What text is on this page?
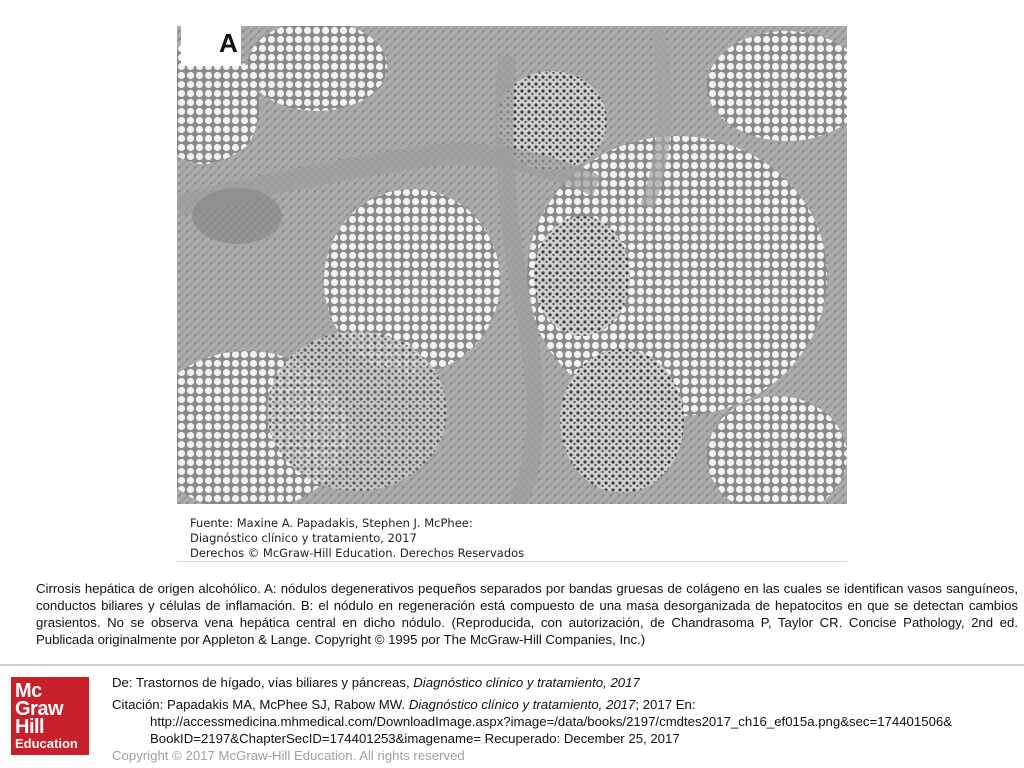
A
Fuente: Maxine A. Papadakis, Stephen J. McPhee:
Diagnóstico clínico y tratamiento, 2017
Derechos © McGraw-Hill Education. Derechos Reservados
Cirrosis hepática de origen alcohólico. A: nódulos degenerativos pequeños separados por bandas gruesas de colágeno en las cuales se identifican vasos sanguíneos, conductos biliares y células de inflamación. B: el nódulo en regeneración está compuesto de una masa desorganizada de hepatocitos en que se detectan cambios grasientos. No se observa vena hepática central en dicho nódulo. (Reproducida, con autorización, de Chandrasoma P, Taylor CR. Concise Pathology, 2nd ed. Publicada originalmente por Appleton & Lange. Copyright © 1995 por The McGraw-Hill Companies, Inc.)
Mc
Graw
Hill
Education
De: Trastornos de hígado, vías biliares y páncreas, Diagnóstico clínico y tratamiento, 2017
Citación: Papadakis MA, McPhee SJ, Rabow MW. Diagnóstico clínico y tratamiento, 2017; 2017 En:
http://accessmedicina.mhmedical.com/DownloadImage.aspx?image=/data/books/2197/cmdtes2017_ch16_ef015a.png&sec=174401506&
BookID=2197&ChapterSecID=174401253&imagename= Recuperado: December 25, 2017
Copyright © 2017 McGraw-Hill Education. All rights reserved
